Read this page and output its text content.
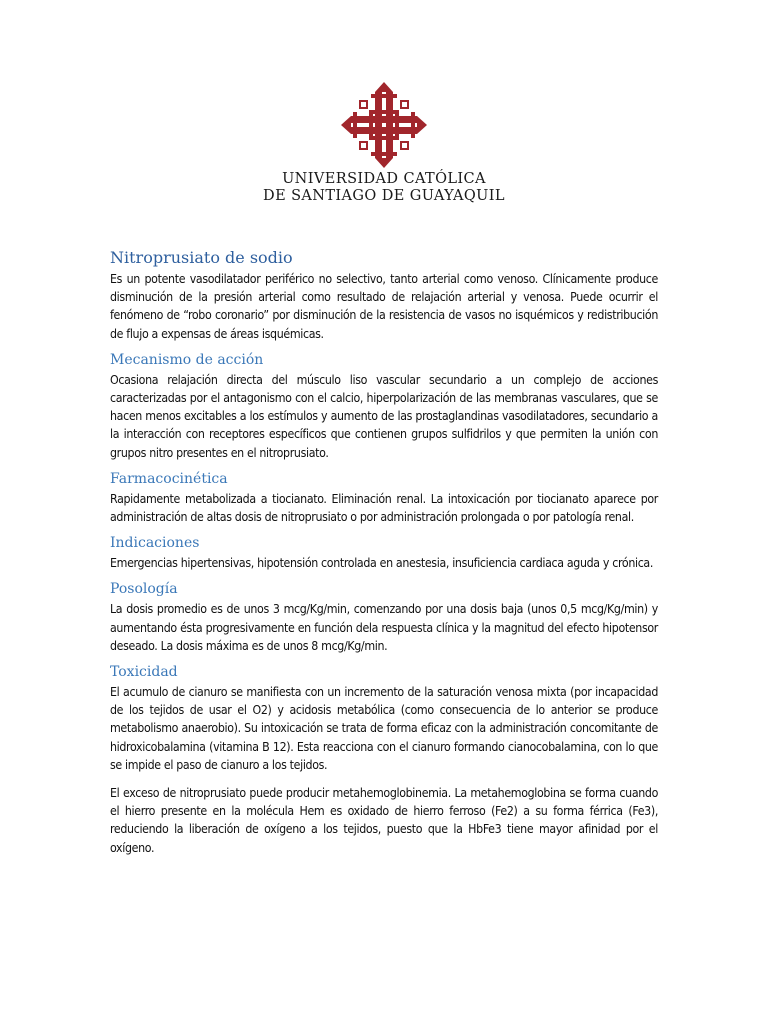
UNIVERSIDAD CATÓLICA

DE SANTIAGO DE GUAYAQUIL

Nitroprusiato de sodio

Es un potente vasodilatador periférico no selectivo, tanto arterial como venoso. Clínicamente produce disminución de la presión arterial como resultado de relajación arterial y venosa. Puede ocurrir el fenómeno de “robo coronario” por disminución de la resistencia de vasos no isquémicos y redistribución de flujo a expensas de áreas isquémicas.

Mecanismo de acción

Ocasiona relajación directa del músculo liso vascular secundario a un complejo de acciones caracterizadas por el antagonismo con el calcio, hiperpolarización de las membranas vasculares, que se hacen menos excitables a los estímulos y aumento de las prostaglandinas vasodilatadores, secundario a la interacción con receptores específicos que contienen grupos sulfidrilos y que permiten la unión con grupos nitro presentes en el nitroprusiato.

Farmacocinética

Rapidamente metabolizada a tiocianato. Eliminación renal. La intoxicación por tiocianato aparece por administración de altas dosis de nitroprusiato o por administración prolongada o por patología renal.

Indicaciones

Emergencias hipertensivas, hipotensión controlada en anestesia, insuficiencia cardiaca aguda y crónica.

Posología

La dosis promedio es de unos 3 mcg/Kg/min, comenzando por una dosis baja (unos 0,5 mcg/Kg/min) y aumentando ésta progresivamente en función dela respuesta clínica y la magnitud del efecto hipotensor deseado. La dosis máxima es de unos 8 mcg/Kg/min.

Toxicidad

El acumulo de cianuro se manifiesta con un incremento de la saturación venosa mixta (por incapacidad de los tejidos de usar el O2) y acidosis metabólica (como consecuencia de lo anterior se produce metabolismo anaerobio). Su intoxicación se trata de forma eficaz con la administración concomitante de hidroxicobalamina (vitamina B 12). Esta reacciona con el cianuro formando cianocobalamina, con lo que se impide el paso de cianuro a los tejidos.

El exceso de nitroprusiato puede producir metahemoglobinemia. La metahemoglobina se forma cuando el hierro presente en la molécula Hem es oxidado de hierro ferroso (Fe2) a su forma férrica (Fe3), reduciendo la liberación de oxígeno a los tejidos, puesto que la HbFe3 tiene mayor afinidad por el oxígeno.
